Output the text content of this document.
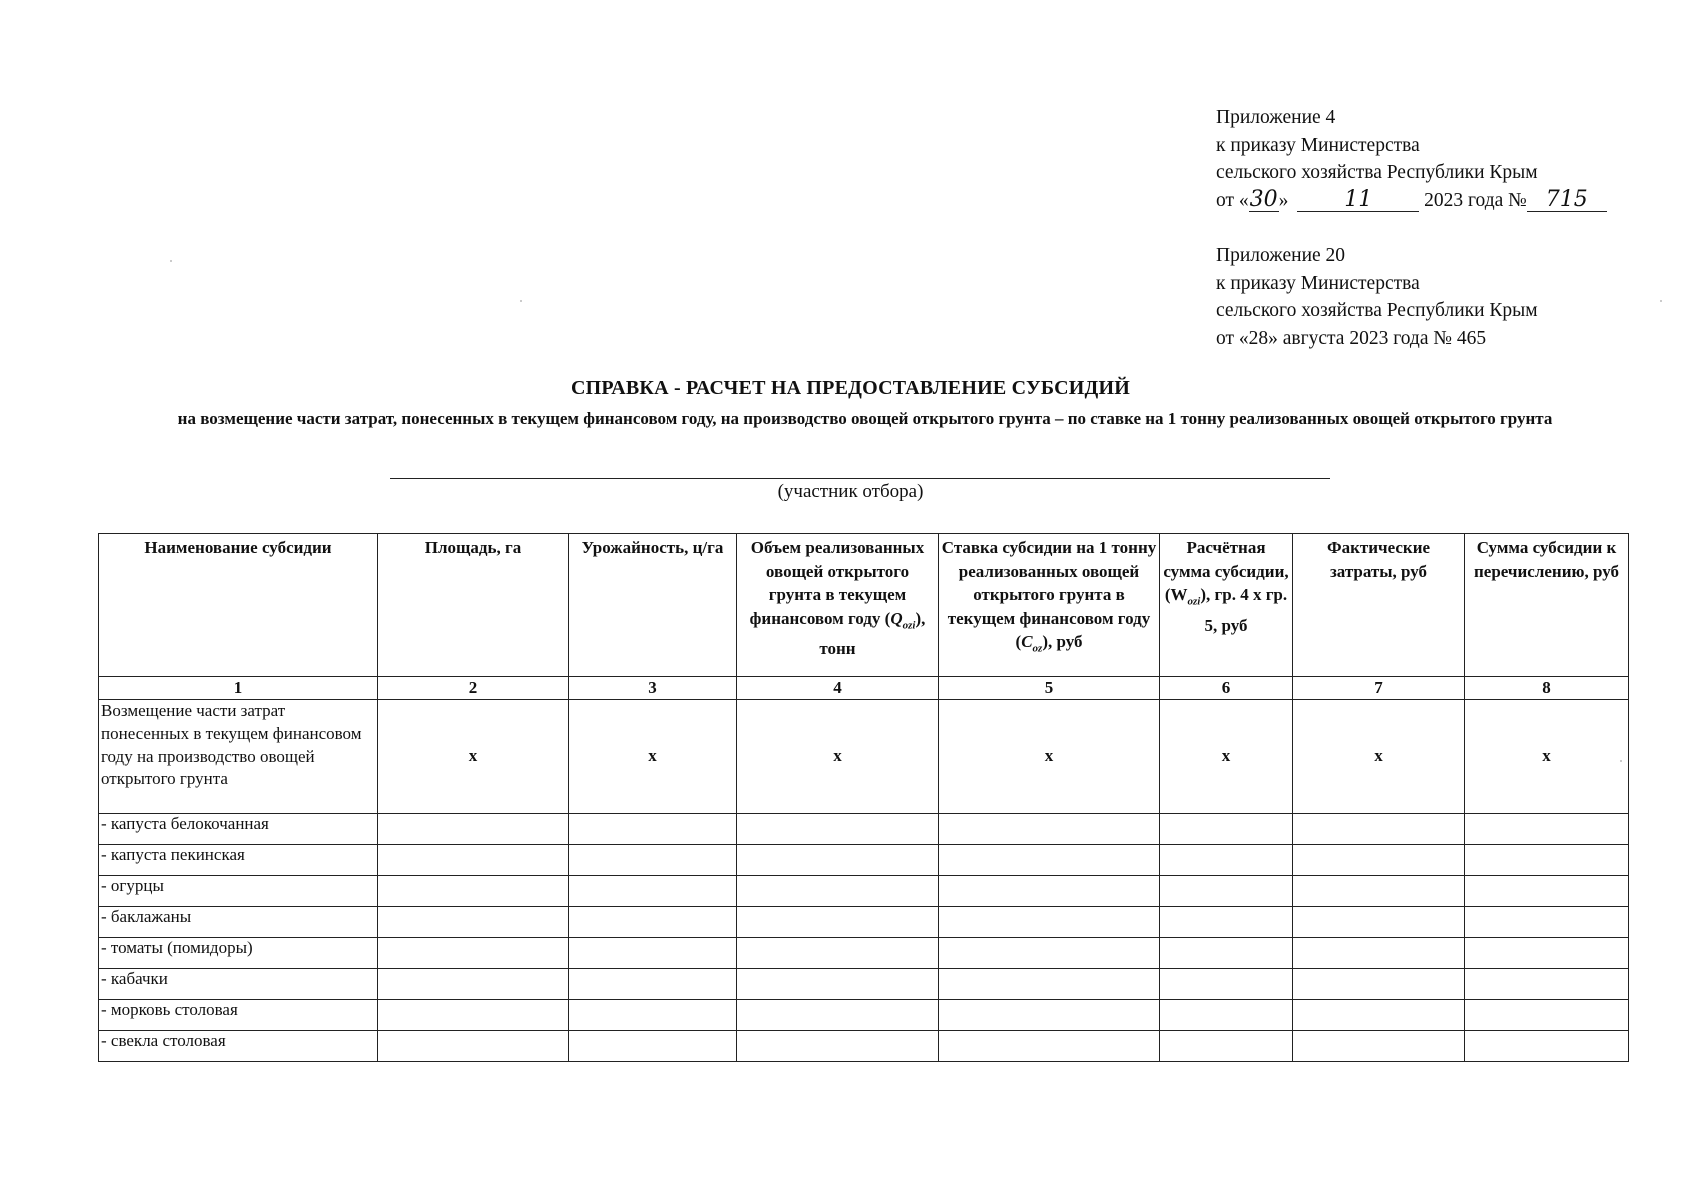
Приложение 4
к приказу Министерства
сельского хозяйства Республики Крым
от «30»	11	2023 года № 715
Приложение 20
к приказу Министерства
сельского хозяйства Республики Крым
от «28» августа 2023 года № 465
СПРАВКА - РАСЧЕТ НА ПРЕДОСТАВЛЕНИЕ СУБСИДИЙ
на возмещение части затрат, понесенных в текущем финансовом году, на производство овощей открытого грунта – по ставке на 1 тонну реализованных овощей открытого грунта
(участник отбора)
Наименование субсидии	Площадь, га	Урожайность, ц/га	Объем реализованных овощей открытого грунта в текущем финансовом году $(Q_{ozi})$, тонн	Ставка субсидии на 1 тонну реализованных овощей открытого грунта в текущем финансовом году $(C_{oz})$, руб	Расчётная сумма субсидии, $(W_{ozi})$, гр. 4 х гр. 5, руб	Фактические затраты, руб	Сумма субсидии к перечислению, руб
1	2	3	4	5	6	7	8
Возмещение части затрат понесенных в текущем финансовом году на производство овощей открытого грунта	х	х	х	х	х	х	х
- капуста белокочанная							
- капуста пекинская							
- огурцы							
- баклажаны							
- томаты (помидоры)							
- кабачки							
- морковь столовая							
- свекла столовая							
